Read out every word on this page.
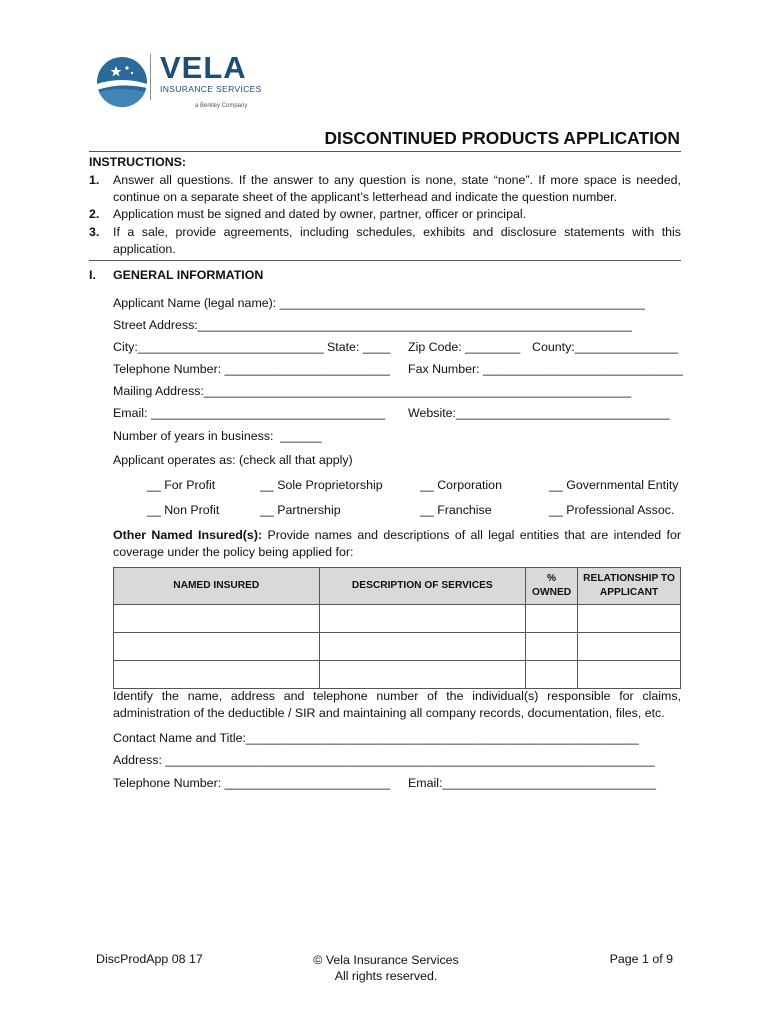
VELA
INSURANCE SERVICES
a Berkley Company
DISCONTINUED PRODUCTS APPLICATION
INSTRUCTIONS:
1. Answer all questions. If the answer to any question is none, state “none”. If more space is needed, continue on a separate sheet of the applicant’s letterhead and indicate the question number.
2. Application must be signed and dated by owner, partner, officer or principal.
3. If a sale, provide agreements, including schedules, exhibits and disclosure statements with this application.
I. GENERAL INFORMATION
Applicant Name (legal name): _____________________________________________________
Street Address:_______________________________________________________________
City:___________________________ State: ____ Zip Code: ________ County:_______________
Telephone Number: ________________________ Fax Number: _____________________________
Mailing Address:______________________________________________________________
Email: __________________________________ Website:_______________________________
Number of years in business:  ______
Applicant operates as: (check all that apply)
__ For Profit	__ Sole Proprietorship	__ Corporation	__ Governmental Entity
__ Non Profit	__ Partnership	__ Franchise	__ Professional Assoc.
Other Named Insured(s): Provide names and descriptions of all legal entities that are intended for coverage under the policy being applied for:
NAMED INSURED	DESCRIPTION OF SERVICES	% OWNED	RELATIONSHIP TO APPLICANT

Identify the name, address and telephone number of the individual(s) responsible for claims, administration of the deductible / SIR and maintaining all company records, documentation, files, etc.
Contact Name and Title:_________________________________________________________
Address: _______________________________________________________________________
Telephone Number: ________________________ Email:_______________________________
DiscProdApp 08 17	© Vela Insurance Services
All rights reserved.
Page 1 of 9
